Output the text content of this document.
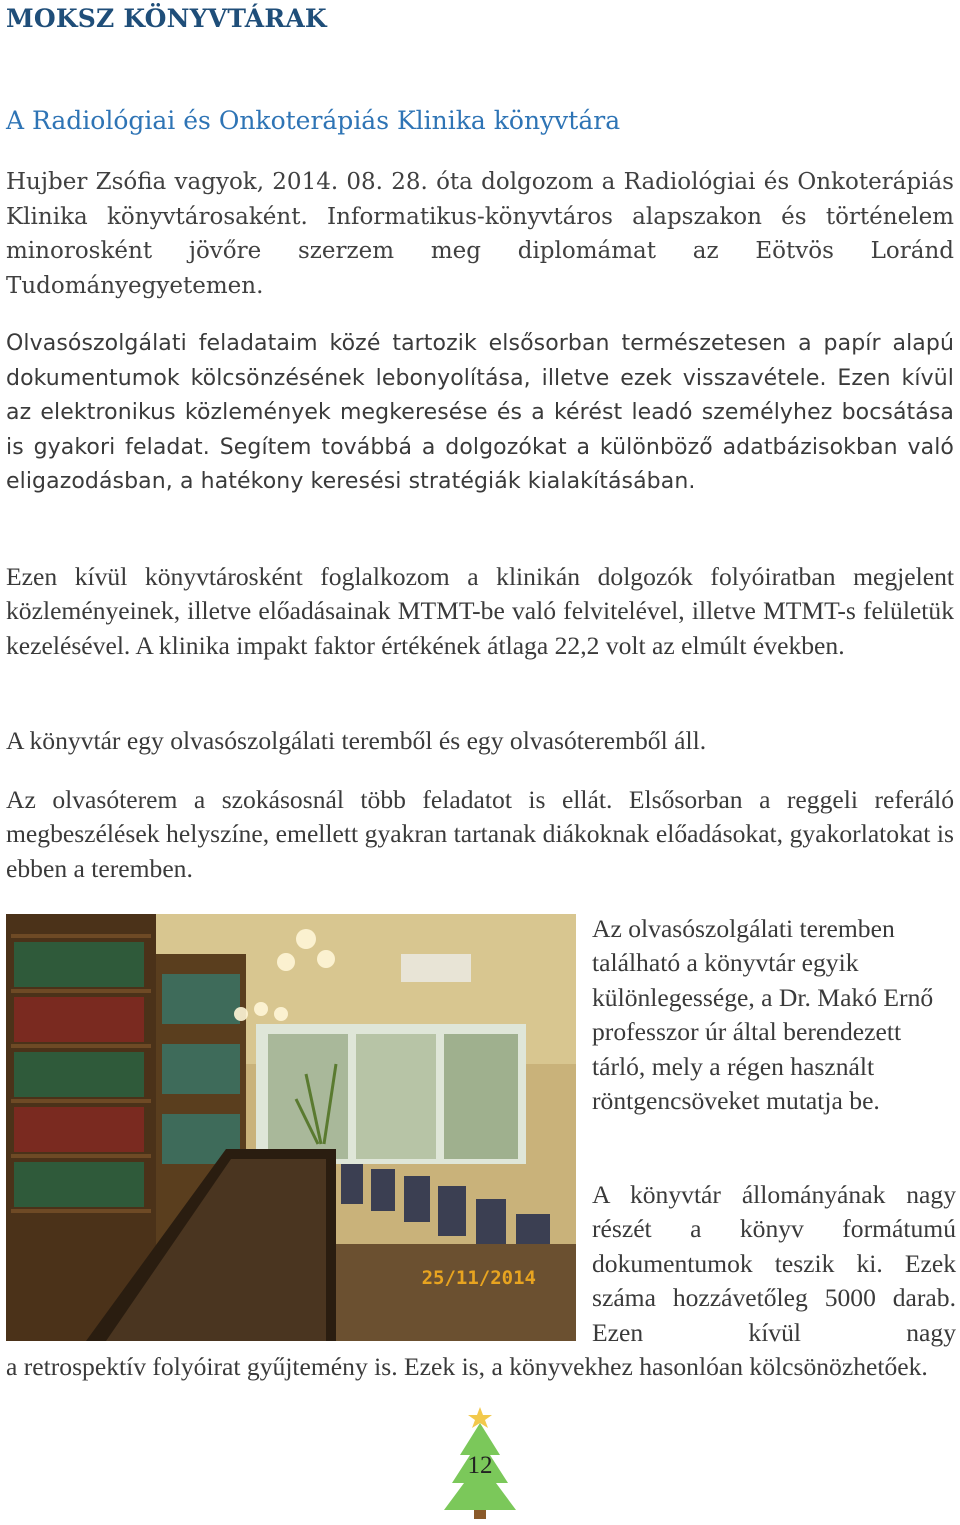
MOKSZ KÖNYVTÁRAK
A Radiológiai és Onkoterápiás Klinika könyvtára

Hujber Zsófia vagyok, 2014. 08. 28. óta dolgozom a Radiológiai és Onkoterápiás Klinika könyvtárosaként. Informatikus-könyvtáros alapszakon és történelem minorosként jövőre szerzem meg diplomámat az Eötvös Loránd Tudományegyetemen.

Olvasószolgálati feladataim közé tartozik elsősorban természetesen a papír alapú dokumentumok kölcsönzésének lebonyolítása, illetve ezek visszavétele. Ezen kívül az elektronikus közlemények megkeresése és a kérést leadó személyhez bocsátása is gyakori feladat. Segítem továbbá a dolgozókat a különböző adatbázisokban való eligazodásban, a hatékony keresési stratégiák kialakításában.

Ezen kívül könyvtárosként foglalkozom a klinikán dolgozók folyóiratban megjelent közleményeinek, illetve előadásainak MTMT-be való felvitelével, illetve MTMT-s felületük kezelésével. A klinika impakt faktor értékének átlaga 22,2 volt az elmúlt években.

A könyvtár egy olvasószolgálati teremből és egy olvasóteremből áll.

Az olvasóterem a szokásosnál több feladatot is ellát. Elsősorban a reggeli referáló megbeszélések helyszíne, emellett gyakran tartanak diákoknak előadásokat, gyakorlatokat is ebben a teremben.

25/11/2014

Az olvasószolgálati teremben található a könyvtár egyik különlegessége, a Dr. Makó Ernő professzor úr által berendezett tárló, mely a régen használt röntgencsöveket mutatja be.

A könyvtár állományának nagy részét a könyv formátumú dokumentumok teszik ki. Ezek száma hozzávetőleg 5000 darab. Ezen kívül nagy

a retrospektív folyóirat gyűjtemény is. Ezek is, a könyvekhez hasonlóan kölcsönözhetőek.

12
